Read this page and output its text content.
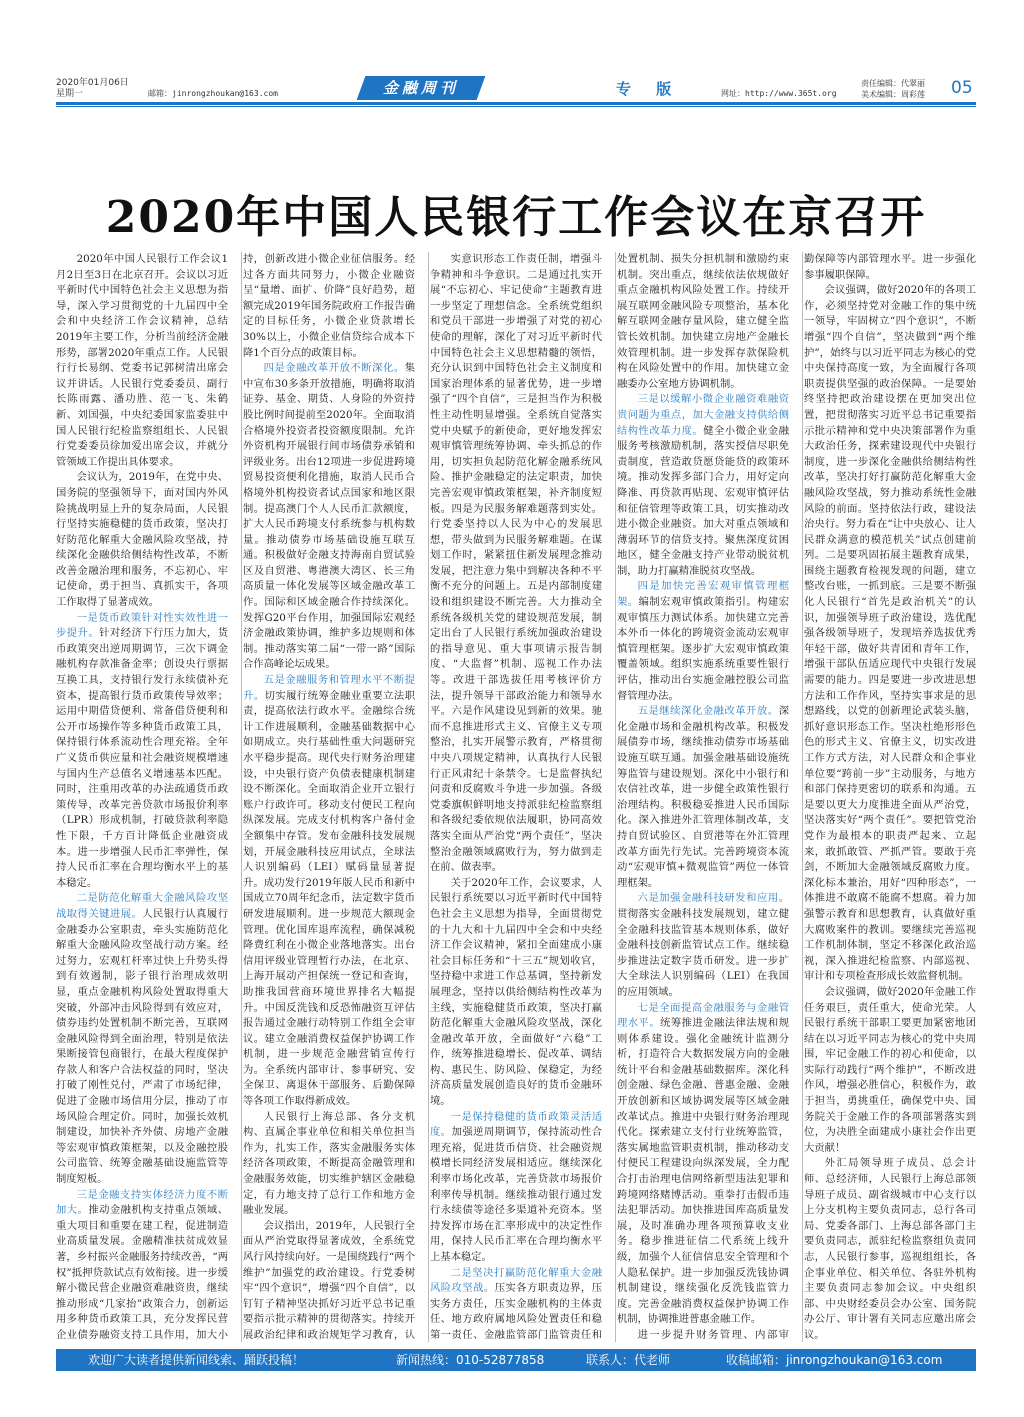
2020年01月06日
星期一	邮箱：jinrongzhoukan@163.com	金融周刊	专 版	网址：http://www.365t.org
责任编辑：代翠丽
美术编辑：周彩莲 05
2020年中国人民银行工作会议在京召开

2020年中国人民银行工作会议1月2日至3日在北京召开。会议以习近平新时代中国特色社会主义思想为指导，深入学习贯彻党的十九届四中全会和中央经济工作会议精神，总结2019年主要工作，分析当前经济金融形势，部署2020年重点工作。人民银行行长易纲、党委书记郭树清出席会议并讲话。人民银行党委委员、副行长陈雨露、潘功胜、范一飞、朱鹤新、刘国强，中央纪委国家监委驻中国人民银行纪检监察组组长、人民银行党委委员徐加爱出席会议，并就分管领域工作提出具体要求。

会议认为，2019年，在党中央、国务院的坚强领导下，面对国内外风险挑战明显上升的复杂局面，人民银行坚持实施稳健的货币政策，坚决打好防范化解重大金融风险攻坚战，持续深化金融供给侧结构性改革，不断改善金融治理和服务，不忘初心、牢记使命，勇于担当、真抓实干，各项工作取得了显著成效。

一是货币政策针对性实效性进一步提升。针对经济下行压力加大，货币政策突出逆周期调节，三次下调金融机构存款准备金率；创设央行票据互换工具，支持银行发行永续债补充资本，提高银行货币政策传导效率；运用中期借贷便利、常备借贷便利和公开市场操作等多种货币政策工具，保持银行体系流动性合理充裕。全年广义货币供应量和社会融资规模增速与国内生产总值名义增速基本匹配。同时，注重用改革的办法疏通货币政策传导，改革完善贷款市场报价利率（LPR）形成机制，打破贷款利率隐性下限，千方百计降低企业融资成本。进一步增强人民币汇率弹性，保持人民币汇率在合理均衡水平上的基本稳定。

二是防范化解重大金融风险攻坚战取得关键进展。人民银行认真履行金融委办公室职责，牵头实施防范化解重大金融风险攻坚战行动方案。经过努力，宏观杠杆率过快上升势头得到有效遏制，影子银行治理成效明显，重点金融机构风险处置取得重大突破，外部冲击风险得到有效应对，债券违约处置机制不断完善，互联网金融风险得到全面治理，特别是依法果断接管包商银行，在最大程度保护存款人和客户合法权益的同时，坚决打破了刚性兑付，严肃了市场纪律，促进了金融市场信用分层，推动了市场风险合理定价。同时，加强长效机制建设，加快补齐外债、房地产金融等宏观审慎政策框架，以及金融控股公司监管、统筹金融基础设施监管等制度短板。

三是金融支持实体经济力度不断加大。推动金融机构支持重点领域、重大项目和重要在建工程，促进制造业高质量发展。金融精准扶贫成效显著，乡村振兴金融服务持续改善，“两权”抵押贷款试点有效衔接。进一步缓解小微民营企业融资难融资贵，继续推动形成“几家抬”政策合力，创新运用多种货币政策工具，充分发挥民营企业债券融资支持工具作用，加大小

持，创新改进小微企业征信服务。经过各方面共同努力，小微企业融资呈“量增、面扩、价降”良好趋势，超额完成2019年国务院政府工作报告确定的目标任务，小微企业贷款增长30%以上，小微企业信贷综合成本下降1个百分点的政策目标。

四是金融改革开放不断深化。集中宣布30多条开放措施，明确将取消证券、基金、期货、人身险的外资持股比例时间提前至2020年。全面取消合格境外投资者投资额度限制。允许外资机构开展银行间市场债券承销和评级业务。出台12项进一步促进跨境贸易投资便利化措施，取消人民币合格境外机构投资者试点国家和地区限制。提高澳门个人人民币汇款额度，扩大人民币跨境支付系统参与机构数量。推动债券市场基础设施互联互通。积极做好金融支持海南自贸试验区及自贸港、粤港澳大湾区、长三角高质量一体化发展等区域金融改革工作。国际和区域金融合作持续深化。发挥G20平台作用，加强国际宏观经济金融政策协调，维护多边规则和体制。推动落实第二届“一带一路”国际合作高峰论坛成果。

五是金融服务和管理水平不断提升。切实履行统筹金融业重要立法职责，提高依法行政水平。金融综合统计工作进展顺利，金融基础数据中心如期成立。央行基础性重大问题研究水平稳步提高。现代央行财务治理建设，中央银行资产负债表健康机制建设不断深化。全面取消企业开立银行账户行政许可。移动支付便民工程向纵深发展。完成支付机构客户备付金全额集中存管。发布金融科技发展规划，开展金融科技应用试点，全球法人识别编码（LEI）赋码量显著提升。成功发行2019年版人民币和新中国成立70周年纪念币，法定数字货币研发进展顺利。进一步规范大额现金管理。优化国库退库流程，确保减税降费红利在小微企业落地落实。出台信用评级业管理暂行办法，在北京、上海开展动产担保统一登记和查询，助推我国营商环境世界排名大幅提升。中国反洗钱和反恐怖融资互评估报告通过金融行动特别工作组全会审议。建立金融消费权益保护协调工作机制，进一步规范金融营销宣传行为。全系统内部审计、参事研究、安全保卫、离退休干部服务、后勤保障等各项工作取得新成效。

人民银行上海总部、各分支机构、直属企事业单位和相关单位担当作为，扎实工作，落实金融服务实体经济各项政策，不断提高金融管理和金融服务效能，切实维护辖区金融稳定，有力地支持了总行工作和地方金融业发展。

会议指出，2019年，人民银行全面从严治党取得显著成效，全系统党风行风持续向好。一是围绕践行“两个维护”加强党的政治建设。行党委树牢“四个意识”，增强“四个自信”，以钉钉子精神坚决抓好习近平总书记重要指示批示精神的贯彻落实。持续开展政治纪律和政治规矩学习教育，认

实意识形态工作责任制，增强斗争精神和斗争意识。二是通过扎实开展“不忘初心、牢记使命”主题教育进一步坚定了理想信念。全系统党组织和党员干部进一步增强了对党的初心使命的理解，深化了对习近平新时代中国特色社会主义思想精髓的领悟，充分认识到中国特色社会主义制度和国家治理体系的显著优势，进一步增强了“四个自信”，三是担当作为积极性主动性明显增强。全系统自觉落实党中央赋予的新使命，更好地发挥宏观审慎管理统筹协调、牵头抓总的作用，切实担负起防范化解金融系统风险、推护金融稳定的法定职责，加快完善宏观审慎政策框架，补齐制度短板。四是为民服务解难题落到实处。行党委坚持以人民为中心的发展思想，带头做到为民服务解难题。在谋划工作时，紧紧扭住新发展理念推动发展，把注意力集中到解决各种不平衡不充分的问题上。五是内部制度建设和组织建设不断完善。大力推动全系统各级机关党的建设规范发展，制定出台了人民银行系统加强政治建设的指导意见、重大事项请示报告制度、“大监督”机制、巡视工作办法等。改进干部选拔任用考核评价方法，提升领导干部政治能力和领导水平。六是作风建设见到新的效果。驰而不息推进形式主义、官僚主义专项整治，扎实开展警示教育，严格贯彻中央八项规定精神，认真执行人民银行正风肃纪十条禁令。七是监督执纪问责和反腐败斗争进一步加强。各级党委旗帜鲜明地支持派驻纪检监察组和各级纪委依规依法履职，协同高效落实全面从严治党“两个责任”，坚决整治金融领域腐败行为，努力做到走在前、做表率。

关于2020年工作，会议要求，人民银行系统要以习近平新时代中国特色社会主义思想为指导，全面贯彻党的十九大和十九届四中全会和中央经济工作会议精神，紧扣全面建成小康社会目标任务和“十三五”规划收官，坚持稳中求进工作总基调，坚持新发展理念，坚持以供给侧结构性改革为主线，实施稳健货币政策，坚决打赢防范化解重大金融风险攻坚战，深化金融改革开放，全面做好“六稳”工作，统筹推进稳增长、促改革、调结构、惠民生、防风险、保稳定，为经济高质量发展创造良好的货币金融环境。

一是保持稳健的货币政策灵活适度。加强逆周期调节，保持流动性合理充裕，促进货币信贷、社会融资规模增长同经济发展相适应。继续深化利率市场化改革，完善贷款市场报价利率传导机制。继续推动银行通过发行永续债等途径多渠道补充资本。坚持发挥市场在汇率形成中的决定性作用，保持人民币汇率在合理均衡水平上基本稳定。

二是坚决打赢防范化解重大金融风险攻坚战。压实各方职责边界，压实务方责任，压实金融机构的主体责任、地方政府属地风险处置责任和稳第一责任、金融监管部门监管责任和

处置机制、损失分担机制和激励约束机制。突出重点，继续依法依规做好重点金融机构风险处置工作。持续开展互联网金融风险专项整治，基本化解互联网金融存量风险，建立健全监管长效机制。加快建立房地产金融长效管理机制。进一步发挥存款保险机构在风险处置中的作用。加快建立金融委办公室地方协调机制。

三是以缓解小微企业融资难融资贵问题为重点，加大金融支持供给侧结构性改革力度。健全小微企业金融服务考核激励机制，落实授信尽职免责制度，营造敢贷愿贷能贷的政策环境。推动发挥多部门合力，用好定向降准、再贷款再贴现、宏观审慎评估和征信管理等政策工具，切实推动改进小微企业融资。加大对重点领域和薄弱环节的信贷支持。聚焦深度贫困地区，健全金融支持产业带动脱贫机制，助力打赢精准脱贫攻坚战。

四是加快完善宏观审慎管理框架。编制宏观审慎政策指引。构建宏观审慎压力测试体系。加快建立完善本外币一体化的跨境资金流动宏观审慎管理框架。逐步扩大宏观审慎政策覆盖领域。组织实施系统重要性银行评估，推动出台实施金融控股公司监督管理办法。

五是继续深化金融改革开放。深化金融市场和金融机构改革。积极发展债券市场，继续推动债券市场基础设施互联互通。加强金融基础设施统筹监管与建设规划。深化中小银行和农信社改革，进一步健全政策性银行治理结构。积极稳妥推进人民币国际化。深入推进外汇管理体制改革，支持自贸试验区、自贸港等在外汇管理改革方面先行先试。完善跨境资本流动“宏观审慎+微观监管”两位一体管理框架。

六是加强金融科技研发和应用。贯彻落实金融科技发展规划，建立健全金融科技监管基本规则体系，做好金融科技创新监管试点工作。继续稳步推进法定数字货币研发。进一步扩大全球法人识别编码（LEI）在我国的应用领域。

七是全面提高金融服务与金融管理水平。统筹推进金融法律法规和规则体系建设。强化金融统计监测分析，打造符合大数据发展方向的金融统计平台和金融基础数据库。深化科创金融、绿色金融、普惠金融、金融开放创新和区域协调发展等区域金融改革试点。推进中央银行财务治理现代化。探索建立支付行业统筹监管，落实属地监管职责机制，推动移动支付便民工程建设向纵深发展，全力配合打击治理电信网络新型违法犯罪和跨境网络赌博活动。重拳打击假币违法犯罪活动。加快推进国库高质量发展，及时准确办理各项预算收支业务。稳步推进征信二代系统上线升级，加强个人征信信息安全管理和个人隐私保护。进一步加强反洗钱协调机制建设，继续强化反洗钱监管力度。完善金融消费权益保护协调工作机制，协调推进普惠金融工作。

进一步提升财务管理、内部审

勤保障等内部管理水平。进一步强化参事履职保障。

会议强调，做好2020年的各项工作，必须坚持党对金融工作的集中统一领导，牢固树立“四个意识”，不断增强“四个自信”，坚决做到“两个维护”，始终与以习近平同志为核心的党中央保持高度一致，为全面履行各项职责提供坚强的政治保障。一是要始终坚持把政治建设摆在更加突出位置，把贯彻落实习近平总书记重要指示批示精神和党中央决策部署作为重大政治任务，探索建设现代中央银行制度，进一步深化金融供给侧结构性改革，坚决打好打赢防范化解重大金融风险攻坚战，努力推动系统性金融风险的前面。坚持依法行政，建设法治央行。努力看在“让中央放心、让人民群众满意的模范机关”试点创建前列。二是要巩固拓展主题教育成果，围绕主题教育检视发现的问题，建立整改台账，一抓到底。三是要不断强化人民银行“首先是政治机关”的认识，加强领导班子政治建设，选优配强各级领导班子，发现培养选拔优秀年轻干部，做好共青团和青年工作，增强干部队伍适应现代中央银行发展需要的能力。四是要进一步改进思想方法和工作作风，坚持实事求是的思想路线，以党的创新理论武装头脑，抓好意识形态工作。坚决杜绝形形色色的形式主义、官僚主义，切实改进工作方式方法，对人民群众和企事业单位要“跨前一步”主动服务，与地方和部门保持更密切的联系和沟通。五是要以更大力度推进全面从严治党，坚决落实好“两个责任”。要把管党治党作为最根本的职责严起来、立起来，敢抓敢管、严抓严管。要敢于亮剑，不断加大金融领域反腐败力度。深化标本兼治，用好“四种形态”，一体推进不敢腐不能腐不想腐。着力加强警示教育和思想教育，认真做好重大腐败案件的教训。要继续完善巡视工作机制体制，坚定不移深化政治巡视，深入推进纪检监察、内部巡视、审计和专项检查形成长效监督机制。

会议强调，做好2020年金融工作任务艰巨，责任重大，使命光荣。人民银行系统干部职工要更加紧密地团结在以习近平同志为核心的党中央周围，牢记金融工作的初心和使命，以实际行动践行“两个维护”，不断改进作风，增强必胜信心，积极作为，敢于担当，勇挑重任，确保党中央、国务院关于金融工作的各项部署落实到位，为决胜全面建成小康社会作出更大贡献！

外汇局领导班子成员、总会计师、总经济师，人民银行上海总部领导班子成员、副省级城市中心支行以上分支机构主要负责同志，总行各司局、党委各部门、上海总部各部门主要负责同志，派驻纪检监察组负责同志，人民银行参事，巡视组组长，各企事业单位、相关单位、各驻外机构主要负责同志参加会议。中央组织部、中央财经委员会办公室、国务院办公厅、审计署有关同志应邀出席会议。

欢迎广大读者提供新闻线索、踊跃投稿！	新闻热线：010-52877858	联系人：代老师	收稿邮箱：jinrongzhoukan@163.com
